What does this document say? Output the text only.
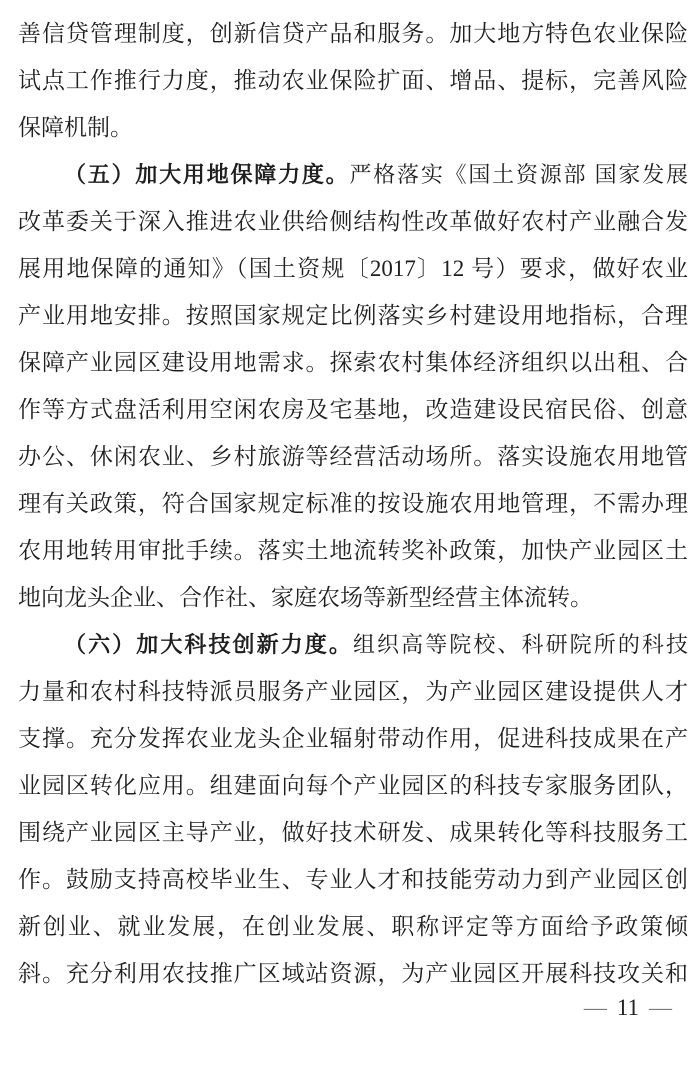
善信贷管理制度，创新信贷产品和服务。加大地方特色农业保险
试点工作推行力度，推动农业保险扩面、增品、提标，完善风险
保障机制。
（五）加大用地保障力度。严格落实《国土资源部 国家发展
改革委关于深入推进农业供给侧结构性改革做好农村产业融合发
展用地保障的通知》（国土资规〔2017〕12 号）要求，做好农业
产业用地安排。按照国家规定比例落实乡村建设用地指标，合理
保障产业园区建设用地需求。探索农村集体经济组织以出租、合
作等方式盘活利用空闲农房及宅基地，改造建设民宿民俗、创意
办公、休闲农业、乡村旅游等经营活动场所。落实设施农用地管
理有关政策，符合国家规定标准的按设施农用地管理，不需办理
农用地转用审批手续。落实土地流转奖补政策，加快产业园区土
地向龙头企业、合作社、家庭农场等新型经营主体流转。
（六）加大科技创新力度。组织高等院校、科研院所的科技
力量和农村科技特派员服务产业园区，为产业园区建设提供人才
支撑。充分发挥农业龙头企业辐射带动作用，促进科技成果在产
业园区转化应用。组建面向每个产业园区的科技专家服务团队，
围绕产业园区主导产业，做好技术研发、成果转化等科技服务工
作。鼓励支持高校毕业生、专业人才和技能劳动力到产业园区创
新创业、就业发展，在创业发展、职称评定等方面给予政策倾
斜。充分利用农技推广区域站资源，为产业园区开展科技攻关和
— 11 —
